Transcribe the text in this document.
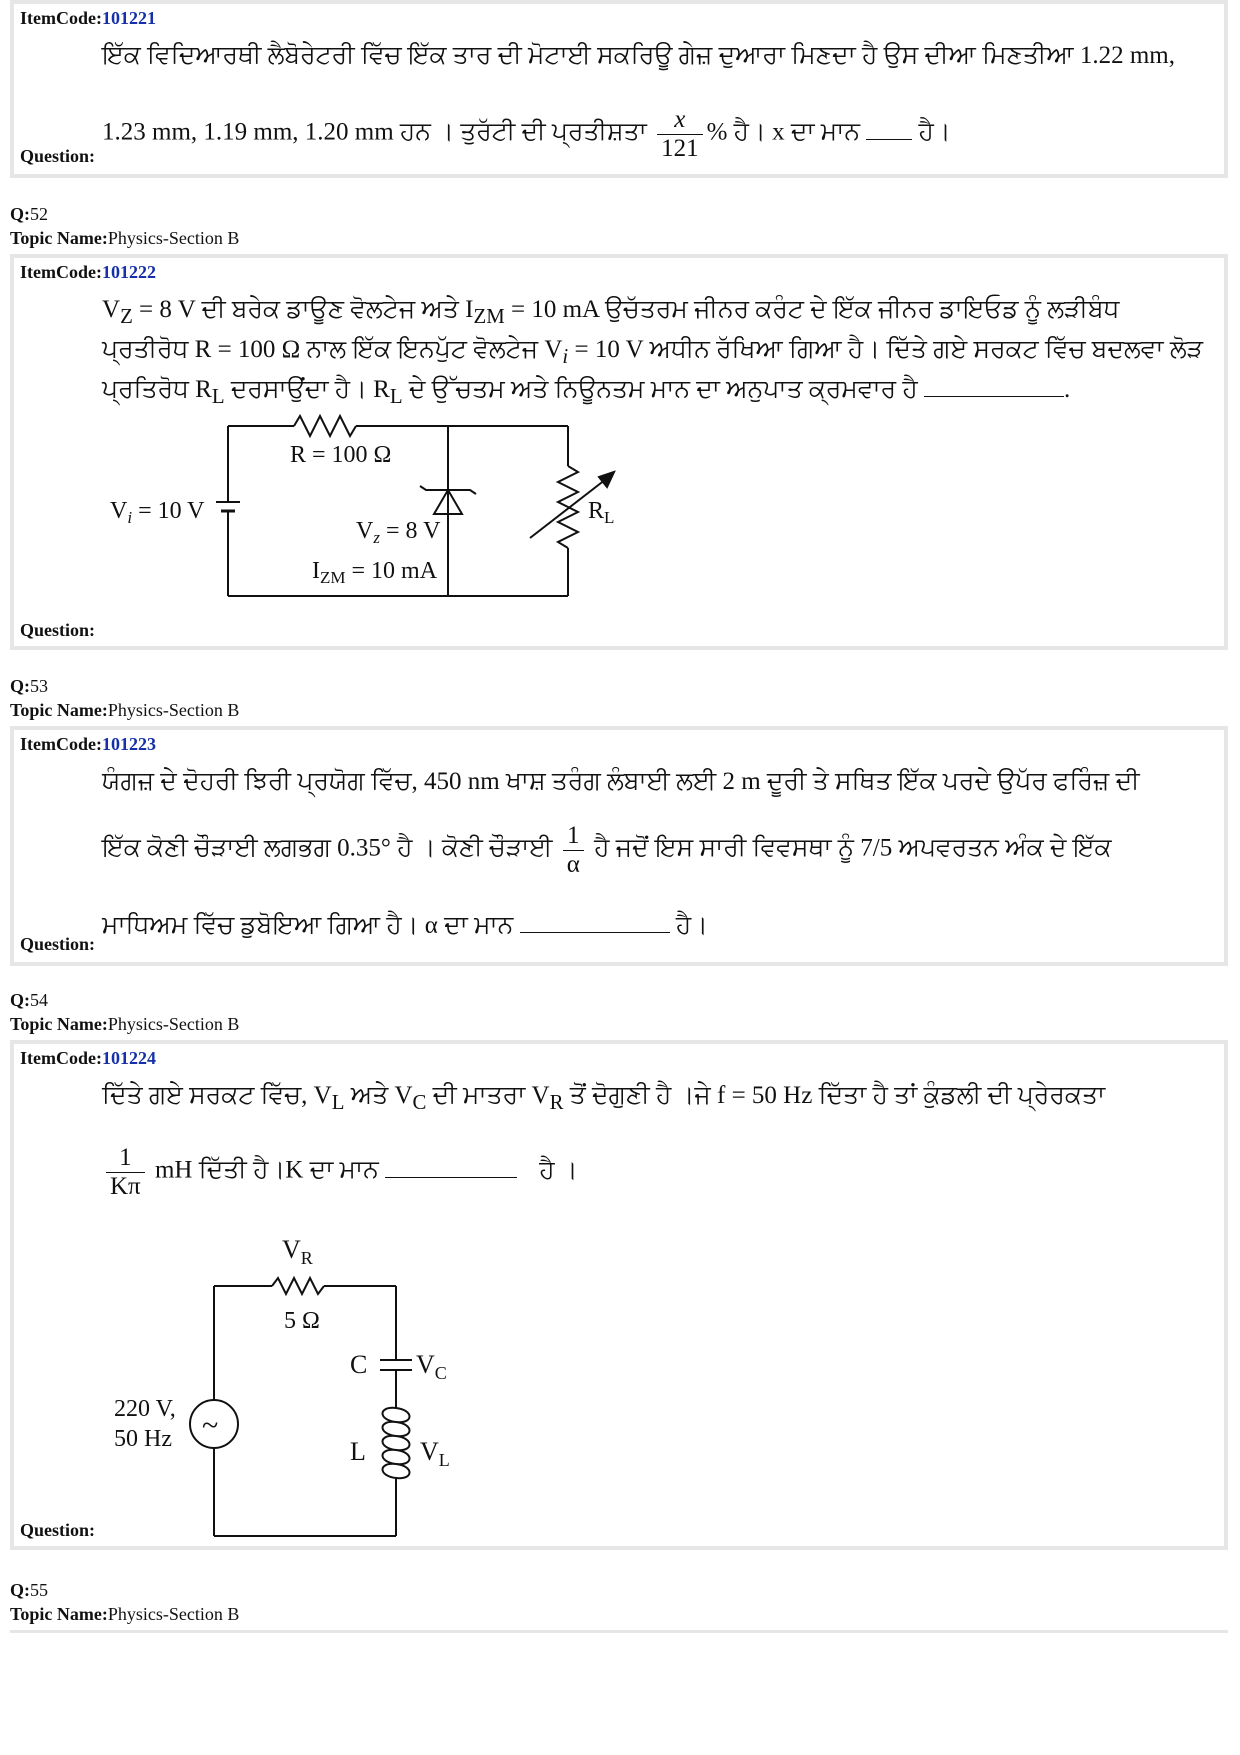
ItemCode:101221
ਇੱਕ ਵਿਦਿਆਰਥੀ ਲੈਬੋਰੇਟਰੀ ਵਿੱਚ ਇੱਕ ਤਾਰ ਦੀ ਮੋਟਾਈ ਸਕਰਿਊ ਗੇਜ਼ ਦੁਆਰਾ ਮਿਣਦਾ ਹੈ ਉਸ ਦੀਆ ਮਿਣਤੀਆ 1.22 mm,
1.23 mm, 1.19 mm, 1.20 mm ਹਨ । ਤੁਰੱਟੀ ਦੀ ਪ੍ਰਤੀਸ਼ਤਾ $\frac{x}{121}$ % ਹੈ। x ਦਾ ਮਾਨ ਹੈ।
Question:
Q:52
Topic Name:Physics-Section B
ItemCode:101222
$V_Z = 8$ V ਦੀ ਬਰੇਕ ਡਾਊਣ ਵੋਲਟੇਜ ਅਤੇ $I_{ZM} = 10$ mA ਉਚੱਤਰਮ ਜੀਨਰ ਕਰੰਟ ਦੇ ਇੱਕ ਜੀਨਰ ਡਾਇਓਡ ਨੂੰ ਲੜੀਬੰਧ
ਪ੍ਰਤੀਰੋਧ R = 100 Ω ਨਾਲ ਇੱਕ ਇਨਪੁੱਟ ਵੋਲਟੇਜ $V_i = 10$ V ਅਧੀਨ ਰੱਖਿਆ ਗਿਆ ਹੈ। ਦਿੱਤੇ ਗਏ ਸਰਕਟ ਵਿੱਚ ਬਦਲਵਾ ਲੋੜ
ਪ੍ਰਤਿਰੋਧ $R_L$ ਦਰਸਾਉਂਦਾ ਹੈ। $R_L$ ਦੇ ਉੱਚਤਮ ਅਤੇ ਨਿਊਨਤਮ ਮਾਨ ਦਾ ਅਨੁਪਾਤ ਕ੍ਰਮਵਾਰ ਹੈ	.
R = 100 Ω
$V_i = 10$ V
$V_z = 8$ V
$I_{ZM} = 10$ mA
$R_L$
Question:
Q:53
Topic Name:Physics-Section B
ItemCode:101223
ਯੰਗਜ਼ ਦੇ ਦੋਹਰੀ ਝਿਰੀ ਪ੍ਰਯੋਗ ਵਿੱਚ, 450 nm ਖਾਸ਼ ਤਰੰਗ ਲੰਬਾਈ ਲਈ 2 m ਦੂਰੀ ਤੇ ਸਥਿਤ ਇੱਕ ਪਰਦੇ ਉਪੱਰ ਫਰਿੰਜ਼ ਦੀ
ਇੱਕ ਕੋਣੀ ਚੌੜਾਈ ਲਗਭਗ 0.35° ਹੈ । ਕੋਣੀ ਚੌੜਾਈ $\frac{1}{\alpha}$ ਹੈ ਜਦੋਂ ਇਸ ਸਾਰੀ ਵਿਵਸਥਾ ਨੂੰ 7/5 ਅਪਵਰਤਨ ਅੰਕ ਦੇ ਇੱਕ
ਮਾਧਿਅਮ ਵਿੱਚ ਡੁਬੋਇਆ ਗਿਆ ਹੈ। α ਦਾ ਮਾਨ	ਹੈ।
Question:
Q:54
Topic Name:Physics-Section B
ItemCode:101224
ਦਿੱਤੇ ਗਏ ਸਰਕਟ ਵਿੱਚ, $V_L$ ਅਤੇ $V_C$ ਦੀ ਮਾਤਰਾ $V_R$ ਤੋਂ ਦੋਗੁਣੀ ਹੈ ।ਜੇ f = 50 Hz ਦਿੱਤਾ ਹੈ ਤਾਂ ਕੁੰਡਲੀ ਦੀ ਪ੍ਰੇਰਕਤਾ
$\frac{1}{K\pi}$ mH ਦਿੱਤੀ ਹੈ।K ਦਾ ਮਾਨ	ਹੈ ।
~
$V_R$
5 Ω
C $V_C$
220 V,
50 Hz	L $V_L$
Question:
Q:55
Topic Name:Physics-Section B
